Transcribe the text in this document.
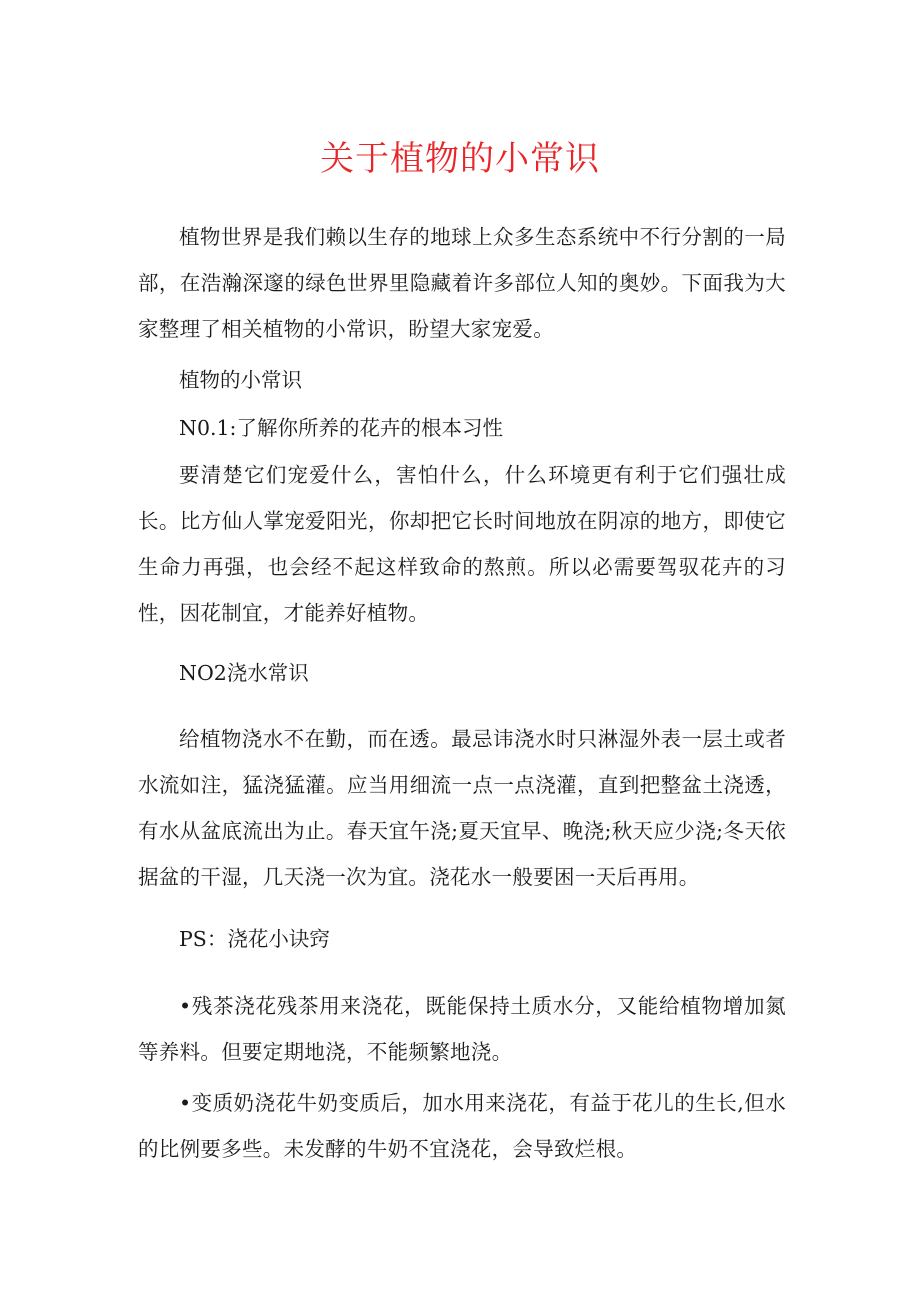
关于植物的小常识

植物世界是我们赖以生存的地球上众多生态系统中不行分割的一局部，在浩瀚深邃的绿色世界里隐藏着许多部位人知的奥妙。下面我为大家整理了相关植物的小常识，盼望大家宠爱。

植物的小常识

N0.1:了解你所养的花卉的根本习性

要清楚它们宠爱什么，害怕什么，什么环境更有利于它们强壮成长。比方仙人掌宠爱阳光，你却把它长时间地放在阴凉的地方，即使它生命力再强，也会经不起这样致命的熬煎。所以必需要驾驭花卉的习性，因花制宜，才能养好植物。

NO2浇水常识

给植物浇水不在勤，而在透。最忌讳浇水时只淋湿外表一层土或者水流如注，猛浇猛灌。应当用细流一点一点浇灌，直到把整盆土浇透，有水从盆底流出为止。春天宜午浇;夏天宜早、晚浇;秋天应少浇;冬天依据盆的干湿，几天浇一次为宜。浇花水一般要困一天后再用。

PS：浇花小诀窍

•残茶浇花残茶用来浇花，既能保持土质水分，又能给植物增加氮等养料。但要定期地浇，不能频繁地浇。

•变质奶浇花牛奶变质后，加水用来浇花，有益于花儿的生长,但水的比例要多些。未发酵的牛奶不宜浇花，会导致烂根。
